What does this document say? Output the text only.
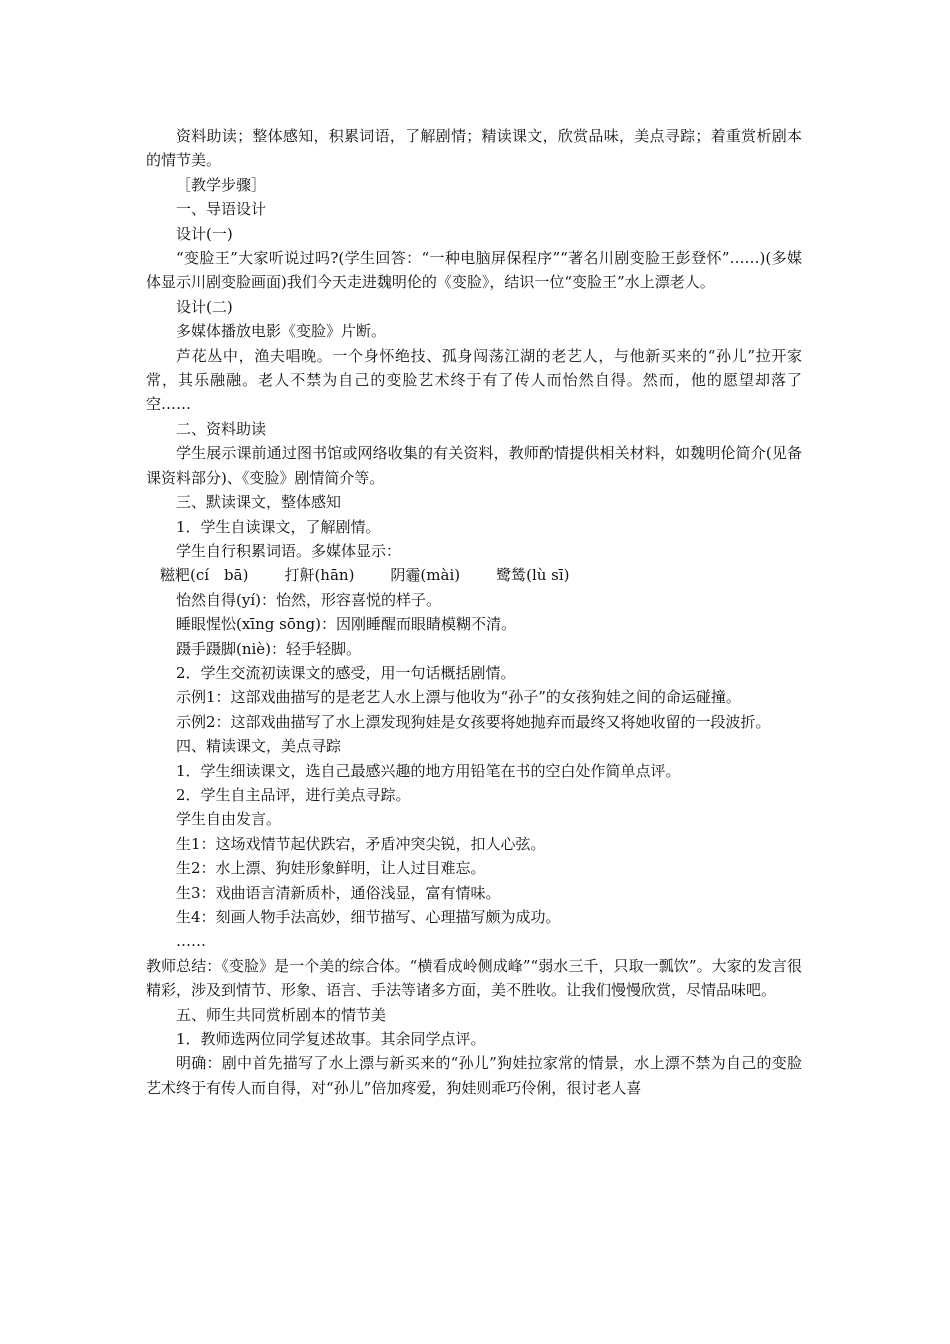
资料助读；整体感知，积累词语，了解剧情；精读课文，欣赏品味，美点寻踪；着重赏析剧本的情节美。

［教学步骤］

一、导语设计

设计(一)

“变脸王”大家听说过吗?(学生回答：“一种电脑屏保程序”“著名川剧变脸王彭登怀”……)(多媒体显示川剧变脸画面)我们今天走进魏明伦的《变脸》，结识一位“变脸王”水上漂老人。

设计(二)

多媒体播放电影《变脸》片断。

芦花丛中，渔夫唱晚。一个身怀绝技、孤身闯荡江湖的老艺人，与他新买来的“孙儿”拉开家常，其乐融融。老人不禁为自己的变脸艺术终于有了传人而怡然自得。然而，他的愿望却落了空……

二、资料助读

学生展示课前通过图书馆或网络收集的有关资料，教师酌情提供相关材料，如魏明伦简介(见备课资料部分)、《变脸》剧情简介等。

三、默读课文，整体感知

1．学生自读课文，了解剧情。

学生自行积累词语。多媒体显示：

糍粑(cí　bā) 打鼾(hān) 阴霾(mài) 鹭鸶(lù sī)

怡然自得(yí)：怡然，形容喜悦的样子。

睡眼惺忪(xīng sōng)：因刚睡醒而眼睛模糊不清。

蹑手蹑脚(niè)：轻手轻脚。

2．学生交流初读课文的感受，用一句话概括剧情。

示例1：这部戏曲描写的是老艺人水上漂与他收为“孙子”的女孩狗娃之间的命运碰撞。

示例2：这部戏曲描写了水上漂发现狗娃是女孩要将她抛弃而最终又将她收留的一段波折。

四、精读课文，美点寻踪

1．学生细读课文，选自己最感兴趣的地方用铅笔在书的空白处作简单点评。

2．学生自主品评，进行美点寻踪。

学生自由发言。

生1：这场戏情节起伏跌宕，矛盾冲突尖锐，扣人心弦。

生2：水上漂、狗娃形象鲜明，让人过目难忘。

生3：戏曲语言清新质朴，通俗浅显，富有情味。

生4：刻画人物手法高妙，细节描写、心理描写颇为成功。

……

教师总结：《变脸》是一个美的综合体。“横看成岭侧成峰”“弱水三千，只取一瓢饮”。大家的发言很精彩，涉及到情节、形象、语言、手法等诸多方面，美不胜收。让我们慢慢欣赏，尽情品味吧。

五、师生共同赏析剧本的情节美

1．教师选两位同学复述故事。其余同学点评。

明确：剧中首先描写了水上漂与新买来的“孙儿”狗娃拉家常的情景，水上漂不禁为自己的变脸艺术终于有传人而自得，对“孙儿”倍加疼爱，狗娃则乖巧伶俐，很讨老人喜
